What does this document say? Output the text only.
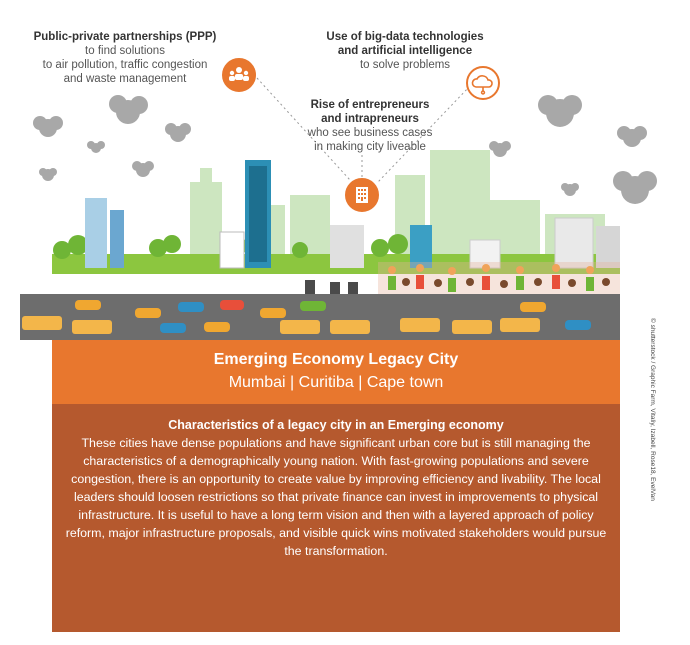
Public-private partnerships (PPP)
to find solutions
to air pollution, traffic congestion
and waste management
Use of big-data technologies
and artificial intelligence
to solve problems
Rise of entrepreneurs
and intrapreneurs
who see business cases
in making city liveable
Emerging Economy Legacy City
Mumbai | Curitiba | Cape town
Characteristics of a legacy city in an Emerging economy
These cities have dense populations and have significant urban core but is still managing the characteristics of a demographically young nation. With fast-growing populations and severe congestion, there is an opportunity to create value by improving efficiency and livability. The local leaders should loosen restrictions so that private finance can invest in improvements to physical infrastructure. It is useful to have a long term vision and then with a layered approach of policy reform, major infrastructure proposals, and visible quick wins motivated stakeholders would pursue the transformation.
© shutterstock / Graphic Farm, Vitaliy, Izabell, Rose18, EvelVan
